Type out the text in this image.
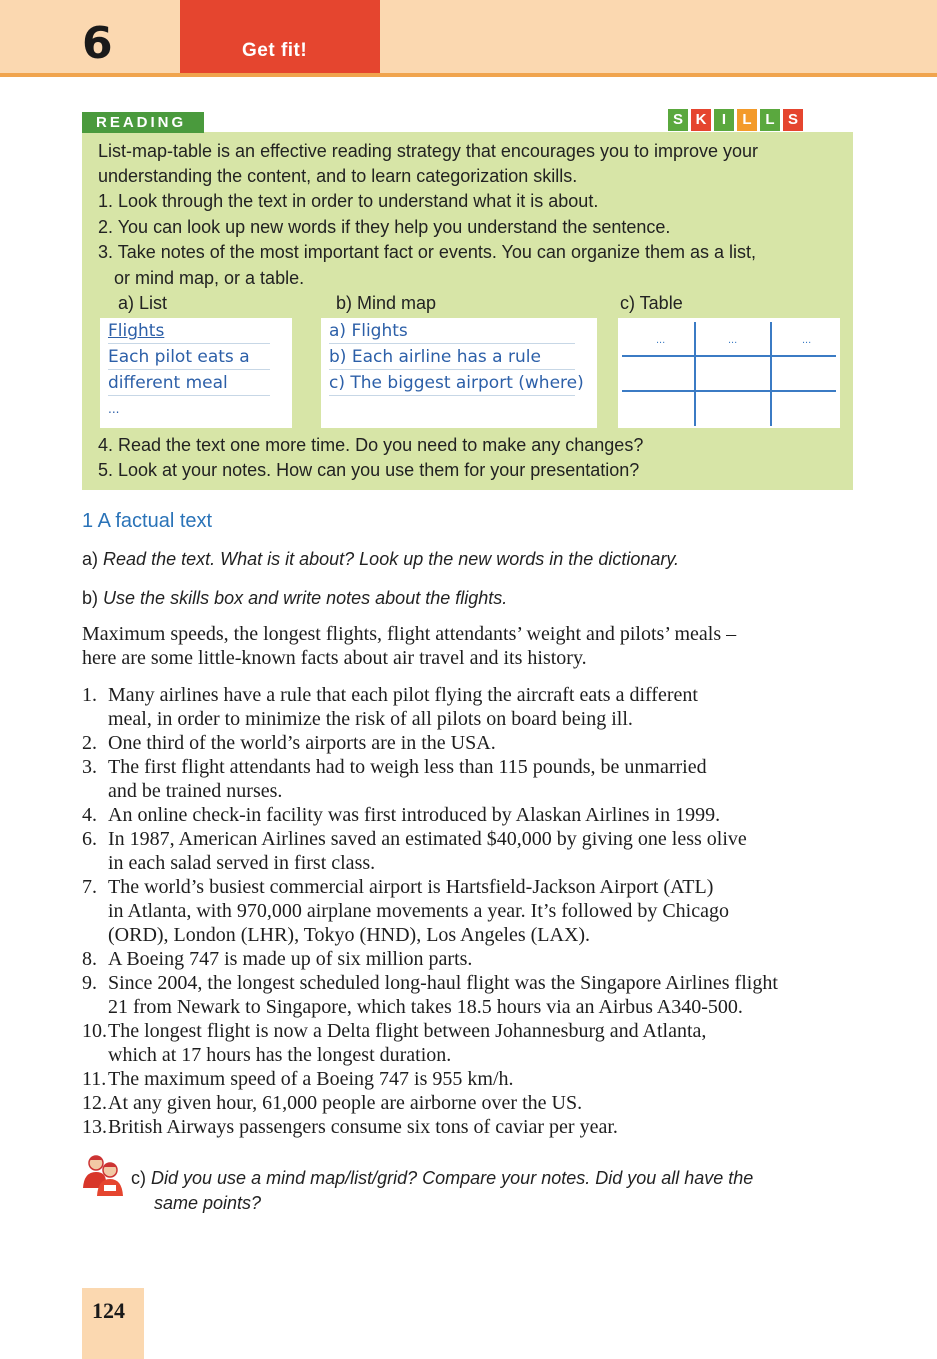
6	Get fit!
READING	S K	I	L L S
List-map-table is an effective reading strategy that encourages you to improve your
understanding the content, and to learn categorization skills.
1. Look through the text in order to understand what it is about.
2. You can look up new words if they help you understand the sentence.
3. Take notes of the most important fact or events. You can organize them as a list,
or mind map, or a table.
a) List	b) Mind map	c) Table
Flights
Each pilot eats a
different meal
...
a) Flights
b) Each airline has a rule
c) The biggest airport (where)
...	...	...
4. Read the text one more time. Do you need to make any changes?
5. Look at your notes. How can you use them for your presentation?
1 A factual text
a) Read the text. What is it about? Look up the new words in the dictionary.
b) Use the skills box and write notes about the flights.
Maximum speeds, the longest flights, flight attendants’ weight and pilots’ meals –
here are some little-known facts about air travel and its history.
1. Many airlines have a rule that each pilot flying the aircraft eats a different
meal, in order to minimize the risk of all pilots on board being ill.
2. One third of the world’s airports are in the USA.
3. The first flight attendants had to weigh less than 115 pounds, be unmarried
and be trained nurses.
4. An online check-in facility was first introduced by Alaskan Airlines in 1999.
6. In 1987, American Airlines saved an estimated $40,000 by giving one less olive
in each salad served in first class.
7. The world’s busiest commercial airport is Hartsfield-Jackson Airport (ATL)
in Atlanta, with 970,000 airplane movements a year. It’s followed by Chicago
(ORD), London (LHR), Tokyo (HND), Los Angeles (LAX).
8. A Boeing 747 is made up of six million parts.
9. Since 2004, the longest scheduled long-haul flight was the Singapore Airlines flight
21 from Newark to Singapore, which takes 18.5 hours via an Airbus A340-500.
10. The longest flight is now a Delta flight between Johannesburg and Atlanta,
which at 17 hours has the longest duration.
11. The maximum speed of a Boeing 747 is 955 km/h.
12. At any given hour, 61,000 people are airborne over the US.
13. British Airways passengers consume six tons of caviar per year.
c) Did you use a mind map/list/grid? Compare your notes. Did you all have the
same points?
124
